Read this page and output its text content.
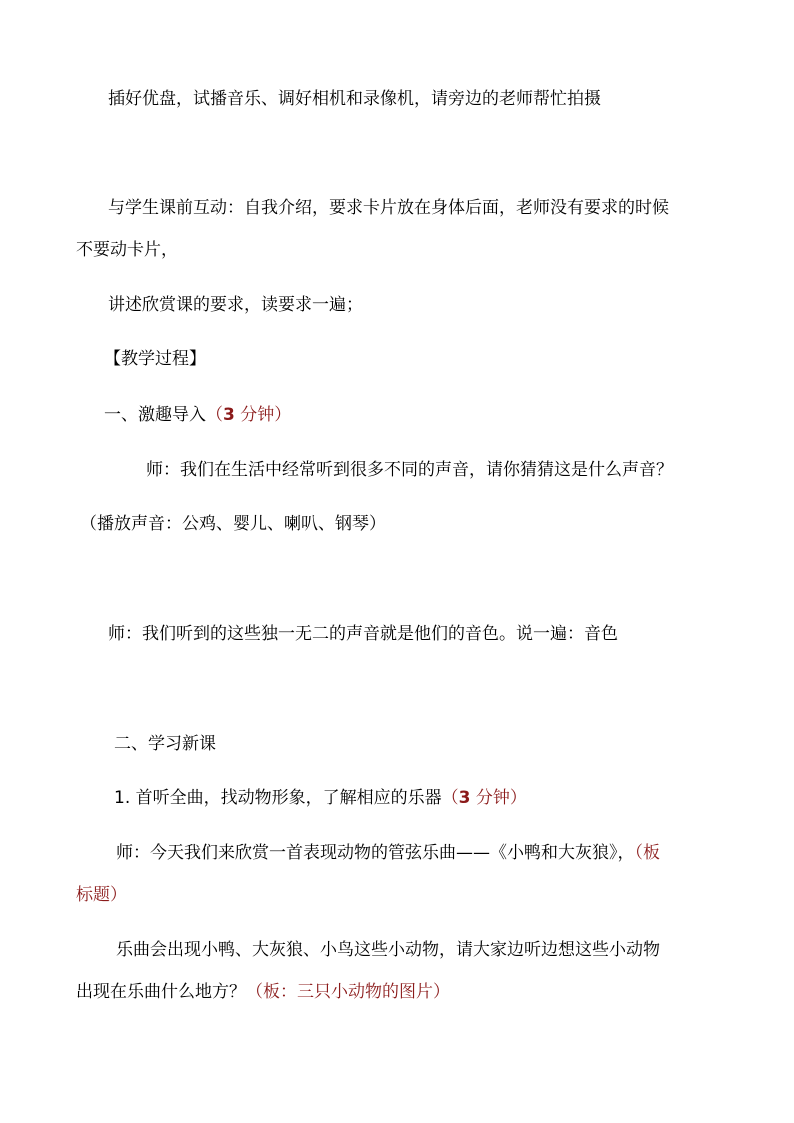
插好优盘，试播音乐、调好相机和录像机，请旁边的老师帮忙拍摄

与学生课前互动：自我介绍，要求卡片放在身体后面，老师没有要求的时候

不要动卡片，

讲述欣赏课的要求，读要求一遍；

【教学过程】

一、激趣导入（3 分钟）

师：我们在生活中经常听到很多不同的声音，请你猜猜这是什么声音？

（播放声音：公鸡、婴儿、喇叭、钢琴）

师：我们听到的这些独一无二的声音就是他们的音色。说一遍：音色

二、学习新课

1. 首听全曲，找动物形象，了解相应的乐器（3 分钟）

师：今天我们来欣赏一首表现动物的管弦乐曲——《小鸭和大灰狼》，（板

标题）

乐曲会出现小鸭、大灰狼、小鸟这些小动物，请大家边听边想这些小动物

出现在乐曲什么地方？（板：三只小动物的图片）
